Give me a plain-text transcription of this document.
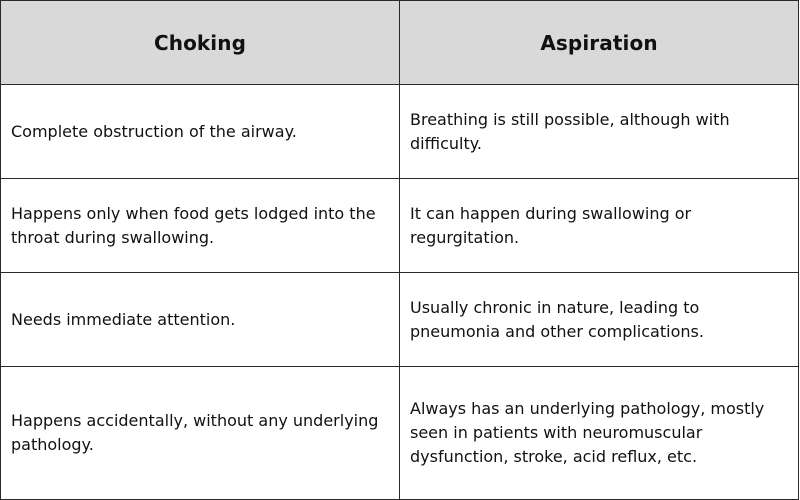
Choking	Aspiration
Complete obstruction of the airway.	Breathing is still possible, although with difficulty.
Happens only when food gets lodged into the throat during swallowing.	It can happen during swallowing or regurgitation.
Needs immediate attention.	Usually chronic in nature, leading to pneumonia and other complications.
Happens accidentally, without any underlying pathology.	Always has an underlying pathology, mostly seen in patients with neuromuscular dysfunction, stroke, acid reflux, etc.
